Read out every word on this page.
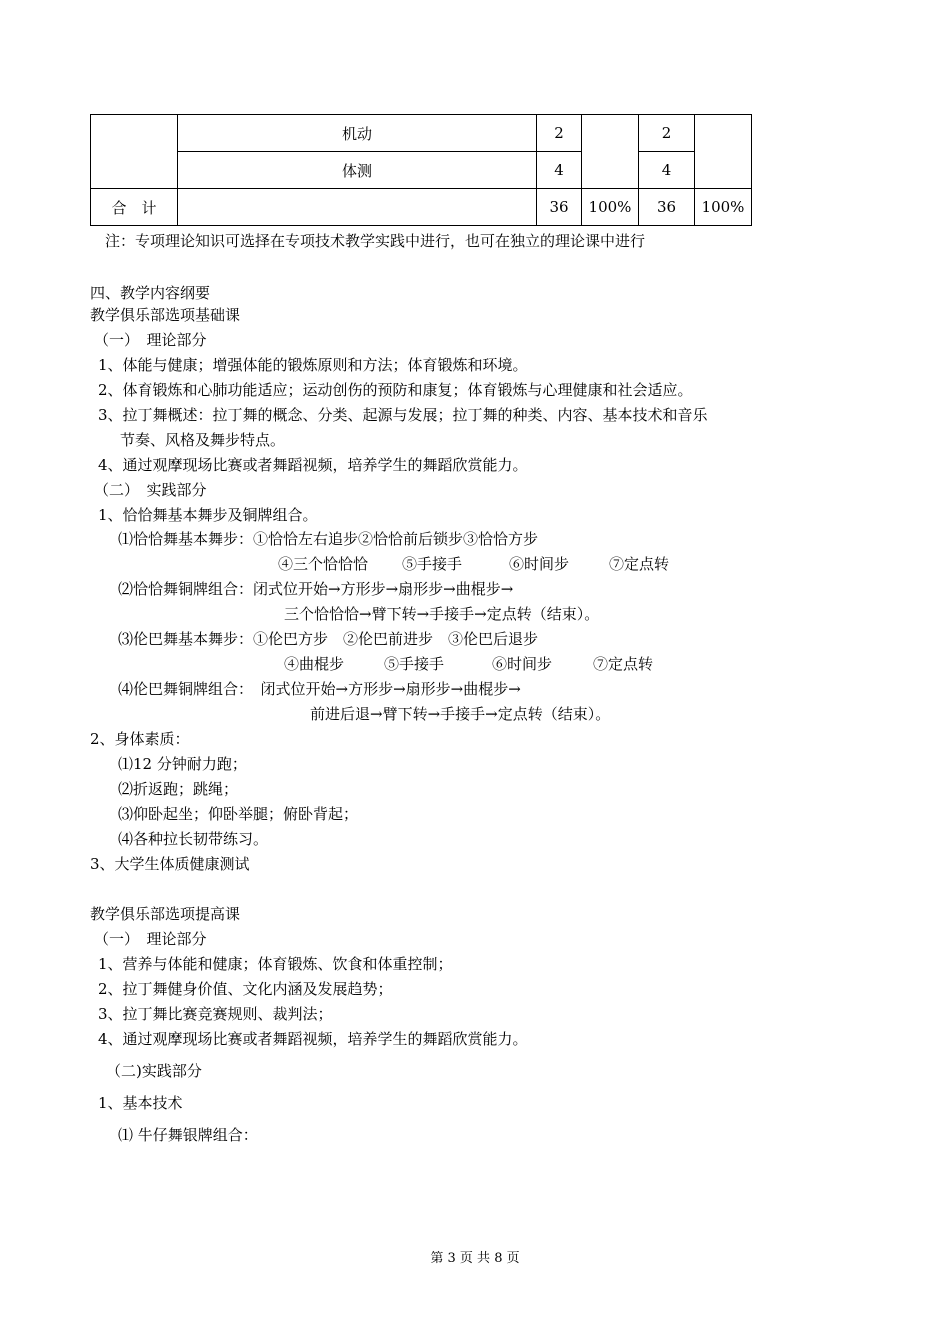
	机动	2		2	
	体测	4		4	
合　计		36	100%	36	100%
注：专项理论知识可选择在专项技术教学实践中进行，也可在独立的理论课中进行
四、教学内容纲要
教学俱乐部选项基础课
（一）　理论部分
1、体能与健康；增强体能的锻炼原则和方法；体育锻炼和环境。
2、体育锻炼和心肺功能适应；运动创伤的预防和康复；体育锻炼与心理健康和社会适应。
3、拉丁舞概述：拉丁舞的概念、分类、起源与发展；拉丁舞的种类、内容、基本技术和音乐
节奏、风格及舞步特点。
4、通过观摩现场比赛或者舞蹈视频，培养学生的舞蹈欣赏能力。
（二）　实践部分
1、恰恰舞基本舞步及铜牌组合。
⑴恰恰舞基本舞步：①恰恰左右追步②恰恰前后锁步③恰恰方步
④三个恰恰恰 ⑤手接手	⑥时间步	⑦定点转
⑵恰恰舞铜牌组合：闭式位开始→方形步→扇形步→曲棍步→
三个恰恰恰→臂下转→手接手→定点转（结束）。
⑶伦巴舞基本舞步：①伦巴方步　②伦巴前进步　③伦巴后退步
④曲棍步	⑤手接手	⑥时间步	⑦定点转
⑷伦巴舞铜牌组合：　闭式位开始→方形步→扇形步→曲棍步→
前进后退→臂下转→手接手→定点转（结束）。
2、身体素质：
⑴12 分钟耐力跑；
⑵折返跑；跳绳；
⑶仰卧起坐；仰卧举腿；俯卧背起；
⑷各种拉长韧带练习。
3、大学生体质健康测试
教学俱乐部选项提高课
（一）　理论部分
1、营养与体能和健康；体育锻炼、饮食和体重控制；
2、拉丁舞健身价值、文化内涵及发展趋势；
3、拉丁舞比赛竞赛规则、裁判法；
4、通过观摩现场比赛或者舞蹈视频，培养学生的舞蹈欣赏能力。
（二)实践部分
1、基本技术
⑴ 牛仔舞银牌组合：
第 3 页 共 8 页
